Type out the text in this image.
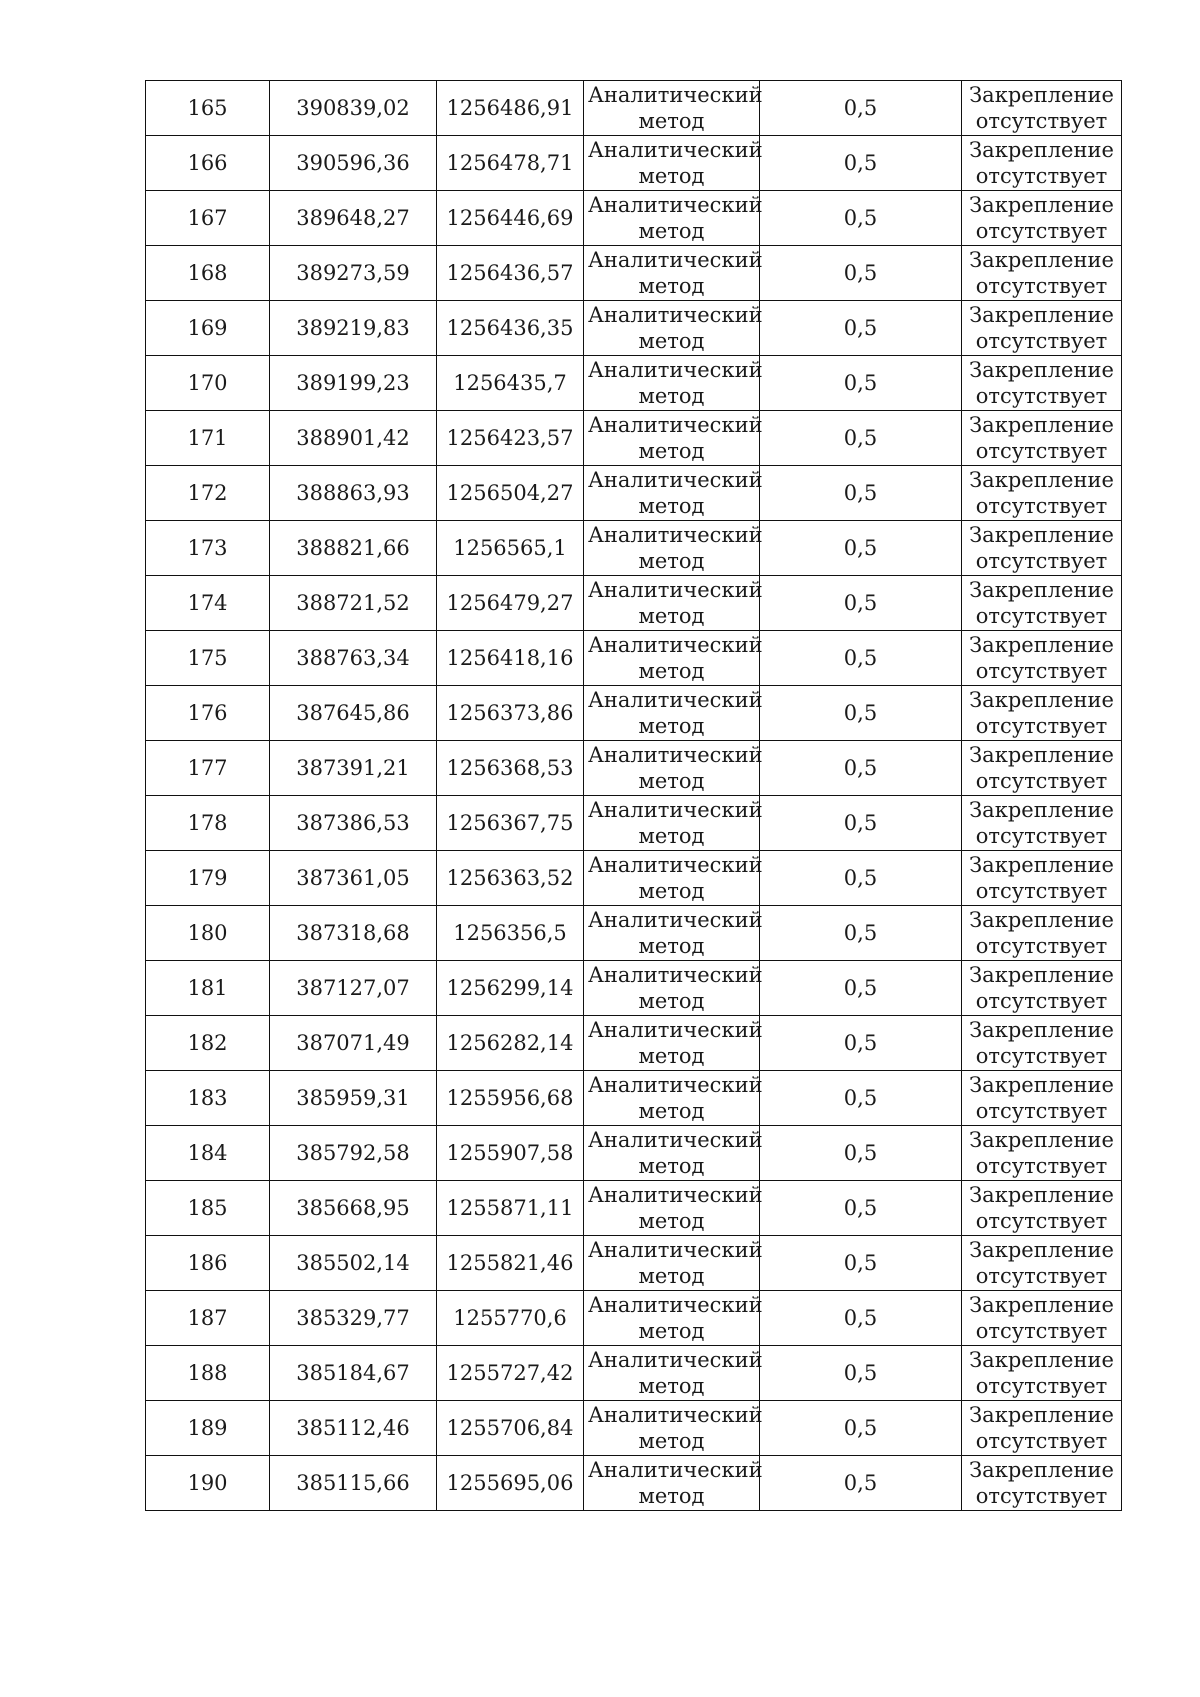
165	390839,02	1256486,91	Аналитический метод	0,5	Закрепление отсутствует
166	390596,36	1256478,71	Аналитический метод	0,5	Закрепление отсутствует
167	389648,27	1256446,69	Аналитический метод	0,5	Закрепление отсутствует
168	389273,59	1256436,57	Аналитический метод	0,5	Закрепление отсутствует
169	389219,83	1256436,35	Аналитический метод	0,5	Закрепление отсутствует
170	389199,23	1256435,7	Аналитический метод	0,5	Закрепление отсутствует
171	388901,42	1256423,57	Аналитический метод	0,5	Закрепление отсутствует
172	388863,93	1256504,27	Аналитический метод	0,5	Закрепление отсутствует
173	388821,66	1256565,1	Аналитический метод	0,5	Закрепление отсутствует
174	388721,52	1256479,27	Аналитический метод	0,5	Закрепление отсутствует
175	388763,34	1256418,16	Аналитический метод	0,5	Закрепление отсутствует
176	387645,86	1256373,86	Аналитический метод	0,5	Закрепление отсутствует
177	387391,21	1256368,53	Аналитический метод	0,5	Закрепление отсутствует
178	387386,53	1256367,75	Аналитический метод	0,5	Закрепление отсутствует
179	387361,05	1256363,52	Аналитический метод	0,5	Закрепление отсутствует
180	387318,68	1256356,5	Аналитический метод	0,5	Закрепление отсутствует
181	387127,07	1256299,14	Аналитический метод	0,5	Закрепление отсутствует
182	387071,49	1256282,14	Аналитический метод	0,5	Закрепление отсутствует
183	385959,31	1255956,68	Аналитический метод	0,5	Закрепление отсутствует
184	385792,58	1255907,58	Аналитический метод	0,5	Закрепление отсутствует
185	385668,95	1255871,11	Аналитический метод	0,5	Закрепление отсутствует
186	385502,14	1255821,46	Аналитический метод	0,5	Закрепление отсутствует
187	385329,77	1255770,6	Аналитический метод	0,5	Закрепление отсутствует
188	385184,67	1255727,42	Аналитический метод	0,5	Закрепление отсутствует
189	385112,46	1255706,84	Аналитический метод	0,5	Закрепление отсутствует
190	385115,66	1255695,06	Аналитический метод	0,5	Закрепление отсутствует
